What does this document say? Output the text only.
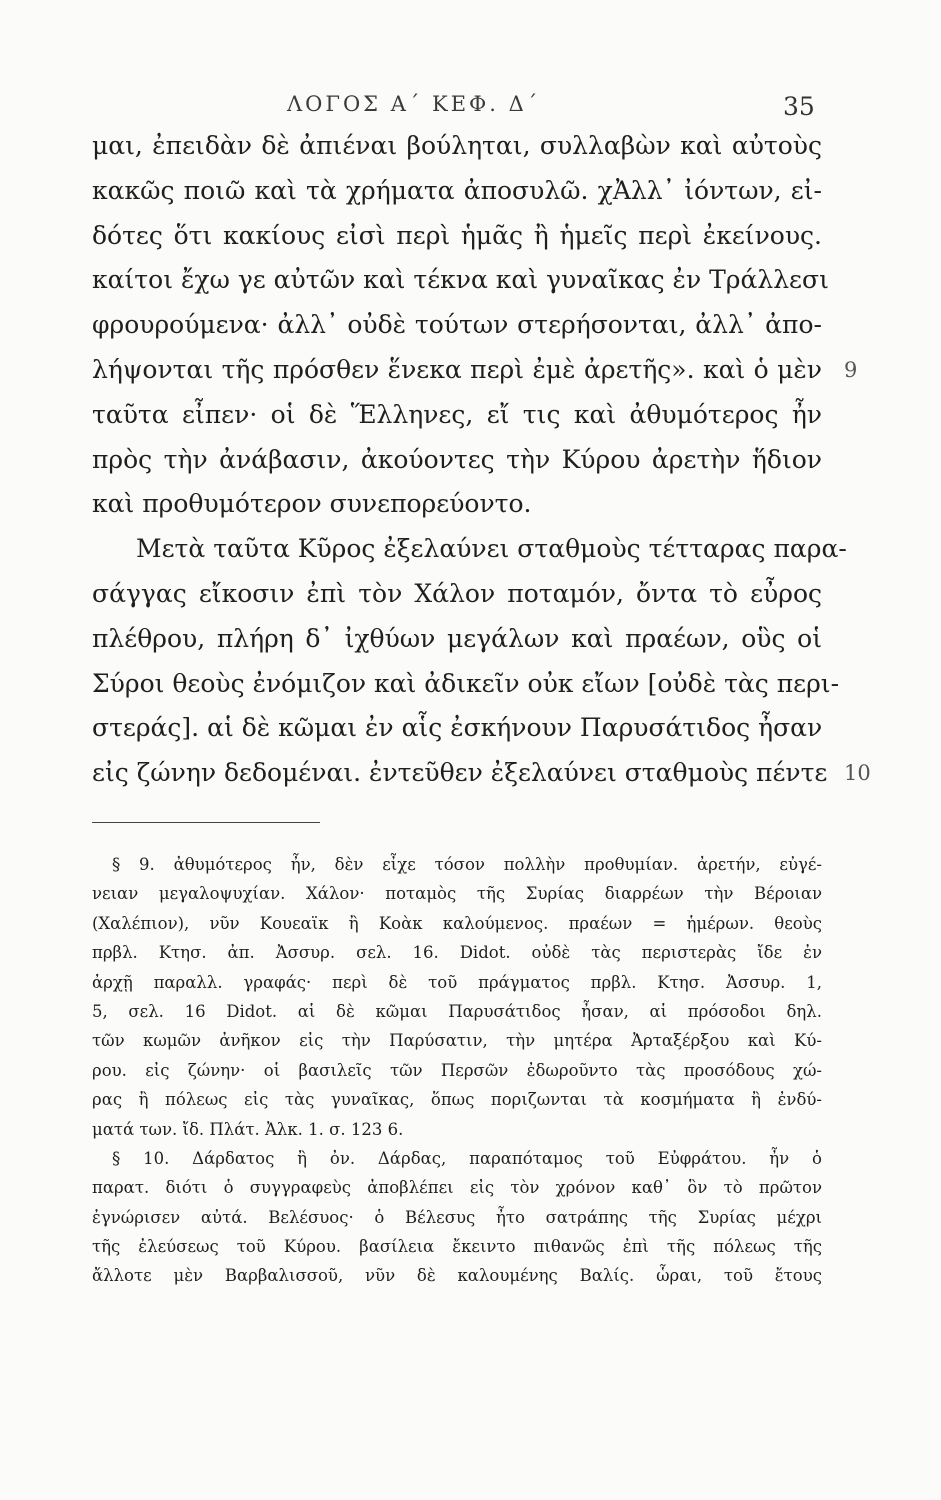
ΛΟΓΟΣ Α΄ ΚΕΦ. Δ΄	35
μαι, ἐπειδὰν δὲ ἀπιέναι βούληται, συλλαβὼν καὶ αὐτοὺς
κακῶς ποιῶ καὶ τὰ χρήματα ἀποσυλῶ. χἈλλ᾽ ἰόντων, εἰ-
δότες ὅτι κακίους εἰσὶ περὶ ἡμᾶς ἢ ἡμεῖς περὶ ἐκείνους.
καίτοι ἔχω γε αὐτῶν καὶ τέκνα καὶ γυναῖκας ἐν Τράλλεσι
φρουρούμενα· ἀλλ᾽ οὐδὲ τούτων στερήσονται, ἀλλ᾽ ἀπο-
λήψονται τῆς πρόσθεν ἕνεκα περὶ ἐμὲ ἀρετῆς». καὶ ὁ μὲν 9
ταῦτα εἶπεν· οἱ δὲ Ἕλληνες, εἴ τις καὶ ἀθυμότερος ἦν
πρὸς τὴν ἀνάβασιν, ἀκούοντες τὴν Κύρου ἀρετὴν ἥδιον
καὶ προθυμότερον συνεπορεύοντο.
Μετὰ ταῦτα Κῦρος ἐξελαύνει σταθμοὺς τέτταρας παρα-
σάγγας εἴκοσιν ἐπὶ τὸν Χάλον ποταμόν, ὄντα τὸ εὖρος
πλέθρου, πλήρη δ᾽ ἰχθύων μεγάλων καὶ πραέων, οὓς οἱ
Σύροι θεοὺς ἐνόμιζον καὶ ἀδικεῖν οὐκ εἴων [οὐδὲ τὰς περι-
στεράς]. αἱ δὲ κῶμαι ἐν αἷς ἐσκήνουν Παρυσάτιδος ἦσαν
εἰς ζώνην δεδομέναι. ἐντεῦθεν ἐξελαύνει σταθμοὺς πέντε 10
§ 9. ἀθυμότερος ἦν, δὲν εἶχε τόσον πολλὴν προθυμίαν. ἀρετήν, εὐγέ-
νειαν μεγαλοψυχίαν. Χάλον· ποταμὸς τῆς Συρίας διαρρέων τὴν Βέροιαν
(Χαλέπιον), νῦν Κουεαϊκ ἢ Κοὰκ καλούμενος. πραέων = ἡμέρων. θεοὺς
πρβλ. Κτησ. ἀπ. Ἀσσυρ. σελ. 16. Didot. οὐδὲ τὰς περιστερὰς ἴδε ἐν
ἀρχῇ παραλλ. γραφάς· περὶ δὲ τοῦ πράγματος πρβλ. Κτησ. Ἀσσυρ. 1,
5, σελ. 16 Didot. αἱ δὲ κῶμαι Παρυσάτιδος ἦσαν, αἱ πρόσοδοι δηλ.
τῶν κωμῶν ἀνῆκον εἰς τὴν Παρύσατιν, τὴν μητέρα Ἀρταξέρξου καὶ Κύ-
ρου. εἰς ζώνην· οἱ βασιλεῖς τῶν Περσῶν ἐδωροῦντο τὰς προσόδους χώ-
ρας ἢ πόλεως εἰς τὰς γυναῖκας, ὅπως ποριζωνται τὰ κοσμήματα ἢ ἐνδύ-
ματά των. ἴδ. Πλάτ. Ἀλκ. 1. σ. 123 6.
§ 10. Δάρδατος ἢ ὀν. Δάρδας, παραπόταμος τοῦ Εὐφράτου. ἦν ὁ
παρατ. διότι ὁ συγγραφεὺς ἀποβλέπει εἰς τὸν χρόνον καθ᾽ ὃν τὸ πρῶτον
ἐγνώρισεν αὐτά. Βελέσυος· ὁ Βέλεσυς ἦτο σατράπης τῆς Συρίας μέχρι
τῆς ἐλεύσεως τοῦ Κύρου. βασίλεια ἔκειντο πιθανῶς ἐπὶ τῆς πόλεως τῆς
ἄλλοτε μὲν Βαρβαλισσοῦ, νῦν δὲ καλουμένης Βαλίς. ὧραι, τοῦ ἔτους
